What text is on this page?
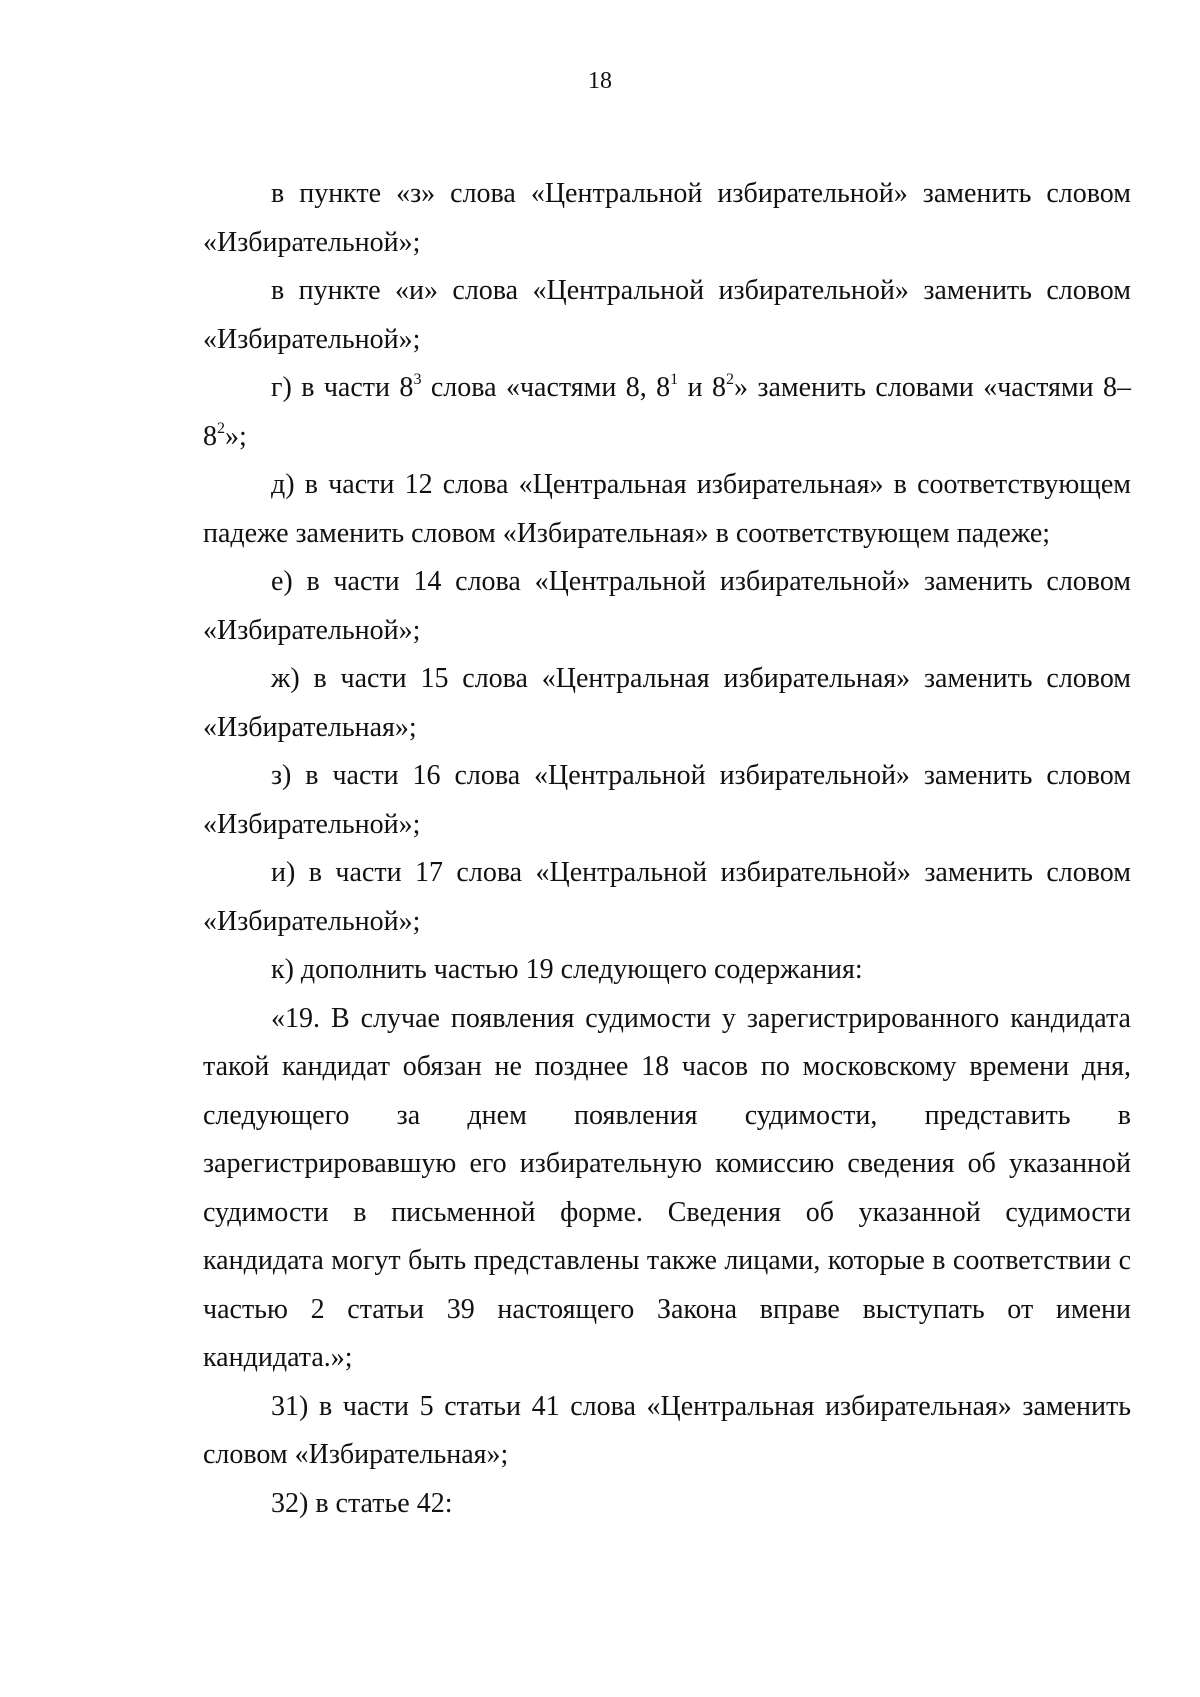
18

в пункте «з» слова «Центральной избирательной» заменить словом «Избирательной»;

в пункте «и» слова «Центральной избирательной» заменить словом «Избирательной»;

г) в части $8^3$ слова «частями 8, $8^1$ и $8^2$» заменить словами «частями $8-8^2$»;

д) в части 12 слова «Центральная избирательная» в соответствующем падеже заменить словом «Избирательная» в соответствующем падеже;

е) в части 14 слова «Центральной избирательной» заменить словом «Избирательной»;

ж) в части 15 слова «Центральная избирательная» заменить словом «Избирательная»;

з) в части 16 слова «Центральной избирательной» заменить словом «Избирательной»;

и) в части 17 слова «Центральной избирательной» заменить словом «Избирательной»;

к) дополнить частью 19 следующего содержания:

«19. В случае появления судимости у зарегистрированного кандидата такой кандидат обязан не позднее 18 часов по московскому времени дня, следующего за днем появления судимости, представить в зарегистрировавшую его избирательную комиссию сведения об указанной судимости в письменной форме. Сведения об указанной судимости кандидата могут быть представлены также лицами, которые в соответствии с частью 2 статьи 39 настоящего Закона вправе выступать от имени кандидата.»;

31) в части 5 статьи 41 слова «Центральная избирательная» заменить словом «Избирательная»;

32) в статье 42:
